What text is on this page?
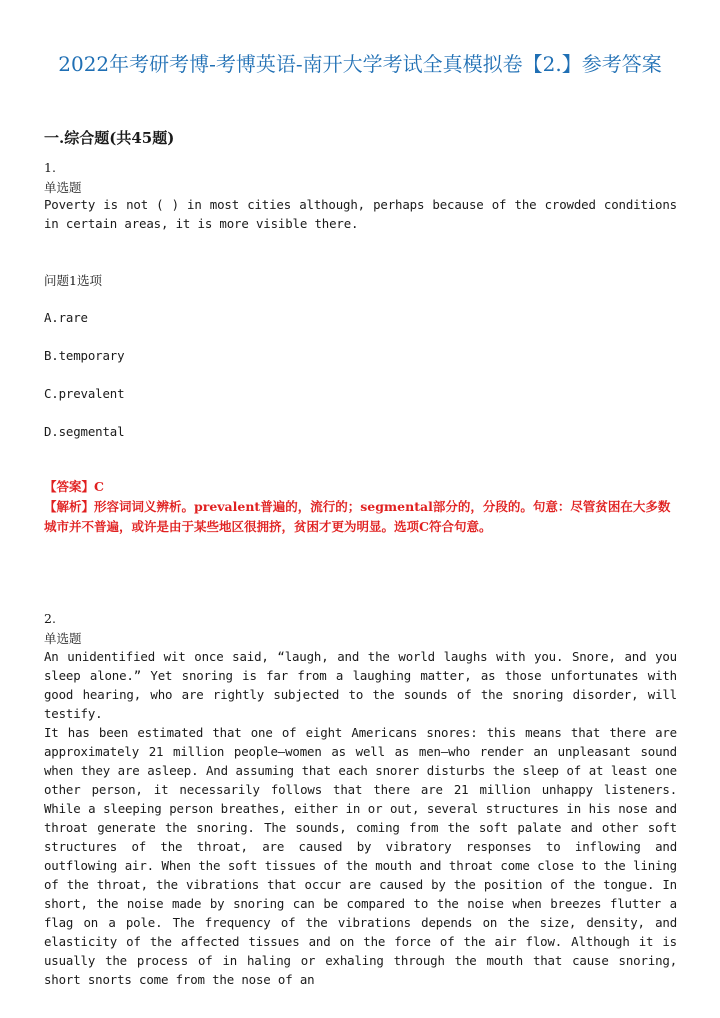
2022年考研考博-考博英语-南开大学考试全真模拟卷【2.】参考答案
一.综合题(共45题)
1.
单选题
Poverty is not ( ) in most cities although, perhaps because of the crowded conditions in certain areas, it is more visible there.
问题1选项
A.rare
B.temporary
C.prevalent
D.segmental
【答案】C
【解析】形容词词义辨析。prevalent普遍的，流行的；segmental部分的，分段的。句意：尽管贫困在大多数城市并不普遍，或许是由于某些地区很拥挤，贫困才更为明显。选项C符合句意。
2.
单选题

An unidentified wit once said, “laugh, and the world laughs with you. Snore, and you sleep alone.” Yet snoring is far from a laughing matter, as those unfortunates with good hearing, who are rightly subjected to the sounds of the snoring disorder, will testify.

It has been estimated that one of eight Americans snores: this means that there are approximately 21 million people—women as well as men—who render an unpleasant sound when they are asleep. And assuming that each snorer disturbs the sleep of at least one other person, it necessarily follows that there are 21 million unhappy listeners. While a sleeping person breathes, either in or out, several structures in his nose and throat generate the snoring. The sounds, coming from the soft palate and other soft structures of the throat, are caused by vibratory responses to inflowing and outflowing air. When the soft tissues of the mouth and throat come close to the lining of the throat, the vibrations that occur are caused by the position of the tongue. In short, the noise made by snoring can be compared to the noise when breezes flutter a flag on a pole. The frequency of the vibrations depends on the size, density, and elasticity of the affected tissues and on the force of the air flow. Although it is usually the process of in haling or exhaling through the mouth that cause snoring, short snorts come from the nose of an
